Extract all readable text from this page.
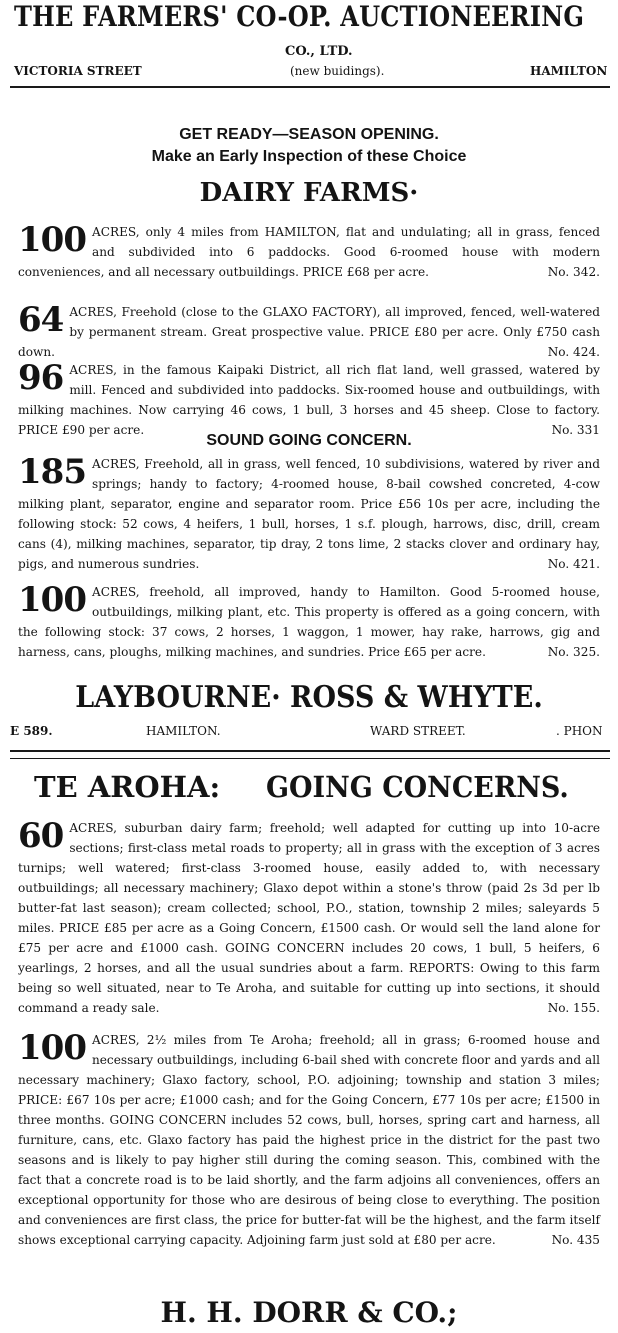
THE FARMERS' CO-OP. AUCTIONEERING
CO., LTD.
VICTORIA STREET	(new buidings).	HAMILTON
GET READY—SEASON OPENING.
Make an Early Inspection of these Choice
DAIRY FARMS·
100 ACRES, only 4 miles from HAMILTON, flat and undulating; all in grass, fenced and subdivided into 6 paddocks. Good 6-roomed house with modern conveniences, and all necessary outbuildings. PRICE £68 per acre.	No. 342.

64 ACRES, Freehold (close to the GLAXO FACTORY), all improved, fenced, well-watered by permanent stream. Great prospective value. PRICE £80 per acre. Only £750 cash down.	No. 424.

96 ACRES, in the famous Kaipaki District, all rich flat land, well grassed, watered by mill. Fenced and subdivided into paddocks. Six-roomed house and outbuildings, with milking machines. Now carrying 46 cows, 1 bull, 3 horses and 45 sheep. Close to factory. PRICE £90 per acre.	No. 331

SOUND GOING CONCERN.
185 ACRES, Freehold, all in grass, well fenced, 10 subdivisions, watered by river and springs; handy to factory; 4-roomed house, 8-bail cowshed concreted, 4-cow milking plant, separator, engine and separator room. Price £56 10s per acre, including the following stock: 52 cows, 4 heifers, 1 bull, horses, 1 s.f. plough, harrows, disc, drill, cream cans (4), milking machines, separator, tip dray, 2 tons lime, 2 stacks clover and ordinary hay, pigs, and numerous sundries.	No. 421.

100 ACRES, freehold, all improved, handy to Hamilton. Good 5-roomed house, outbuildings, milking plant, etc. This property is offered as a going concern, with the following stock: 37 cows, 2 horses, 1 waggon, 1 mower, hay rake, harrows, gig and harness, cans, ploughs, milking machines, and sundries. Price £65 per acre.	No. 325.

LAYBOURNE· ROSS & WHYTE.
E 589.	HAMILTON.	WARD STREET.	. PHON
TE AROHA: GOING CONCERNS.
60 ACRES, suburban dairy farm; freehold; well adapted for cutting up into 10-acre sections; first-class metal roads to property; all in grass with the exception of 3 acres turnips; well watered; first-class 3-roomed house, easily added to, with necessary outbuildings; all necessary machinery; Glaxo depot within a stone's throw (paid 2s 3d per lb butter-fat last season); cream collected; school, P.O., station, township 2 miles; saleyards 5 miles. PRICE £85 per acre as a Going Concern, £1500 cash. Or would sell the land alone for £75 per acre and £1000 cash. GOING CONCERN includes 20 cows, 1 bull, 5 heifers, 6 yearlings, 2 horses, and all the usual sundries about a farm. REPORTS: Owing to this farm being so well situated, near to Te Aroha, and suitable for cutting up into sections, it should command a ready sale.	No. 155.

100 ACRES, 2½ miles from Te Aroha; freehold; all in grass; 6-roomed house and necessary outbuildings, including 6-bail shed with concrete floor and yards and all necessary machinery; Glaxo factory, school, P.O. adjoining; township and station 3 miles; PRICE: £67 10s per acre; £1000 cash; and for the Going Concern, £77 10s per acre; £1500 in three months. GOING CONCERN includes 52 cows, bull, horses, spring cart and harness, all furniture, cans, etc. Glaxo factory has paid the highest price in the district for the past two seasons and is likely to pay higher still during the coming season. This, combined with the fact that a concrete road is to be laid shortly, and the farm adjoins all conveniences, offers an exceptional opportunity for those who are desirous of being close to everything. The position and conveniences are first class, the price for butter-fat will be the highest, and the farm itself shows exceptional carrying capacity. Adjoining farm just sold at £80 per acre.	No. 435

H. H. DORR & CO.;
